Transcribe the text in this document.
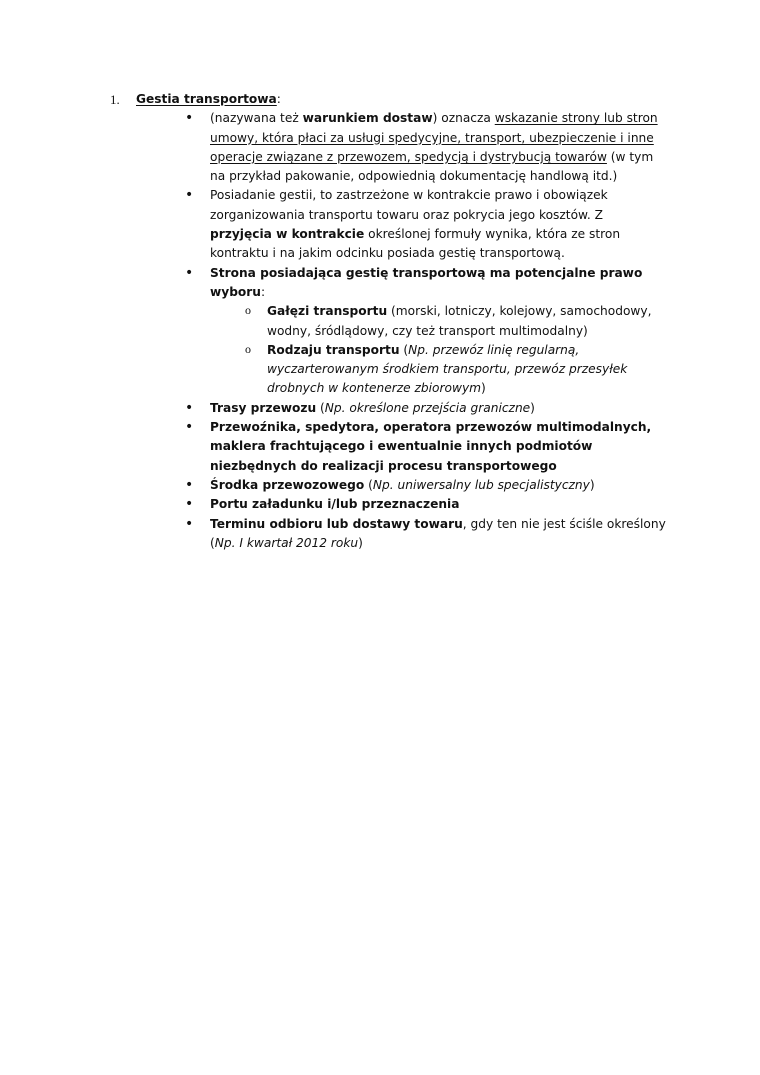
1. Gestia transportowa:
• (nazywana też warunkiem dostaw) oznacza wskazanie strony lub stron umowy, która płaci za usługi spedycyjne, transport, ubezpieczenie i inne operacje związane z przewozem, spedycją i dystrybucją towarów (w tym na przykład pakowanie, odpowiednią dokumentację handlową itd.)
• Posiadanie gestii, to zastrzeżone w kontrakcie prawo i obowiązek zorganizowania transportu towaru oraz pokrycia jego kosztów. Z przyjęcia w kontrakcie określonej formuły wynika, która ze stron kontraktu i na jakim odcinku posiada gestię transportową.
• Strona posiadająca gestię transportową ma potencjalne prawo wyboru:
o Gałęzi transportu (morski, lotniczy, kolejowy, samochodowy, wodny, śródlądowy, czy też transport multimodalny)
o Rodzaju transportu (Np. przewóz linię regularną, wyczarterowanym środkiem transportu, przewóz przesyłek drobnych w kontenerze zbiorowym)
• Trasy przewozu (Np. określone przejścia graniczne)
• Przewoźnika, spedytora, operatora przewozów multimodalnych, maklera frachtującego i ewentualnie innych podmiotów niezbędnych do realizacji procesu transportowego
• Środka przewozowego (Np. uniwersalny lub specjalistyczny)
• Portu załadunku i/lub przeznaczenia
• Terminu odbioru lub dostawy towaru, gdy ten nie jest ściśle określony (Np. I kwartał 2012 roku)
